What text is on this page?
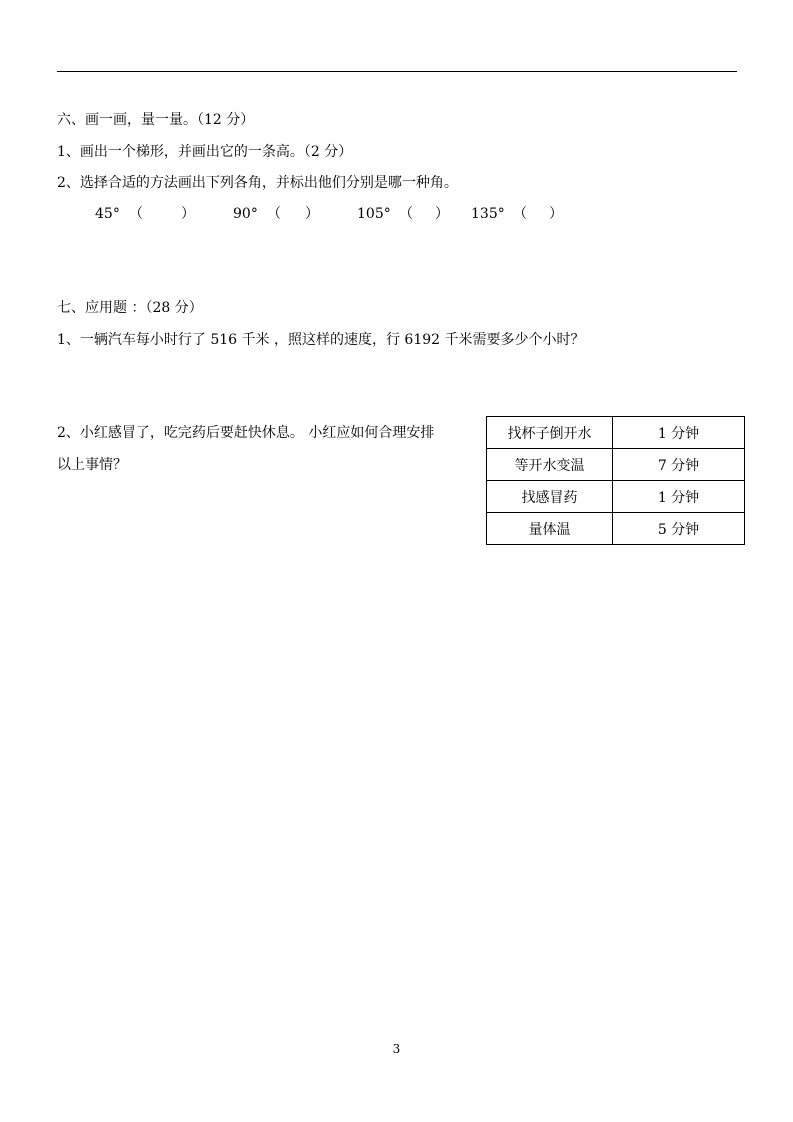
六、画一画，量一量。（12 分）
1、画出一个梯形，并画出它的一条高。（2 分）
2、选择合适的方法画出下列各角，并标出他们分别是哪一种角。
45° （	）	90° （ ）	105° （ ） 135° （ ）
七、应用题 ：（28 分）
1、一辆汽车每小时行了 516 千米 ，照这样的速度，行 6192 千米需要多少个小时？
2、小红感冒了，吃完药后要赶快休息。 小红应如何合理安排
以上事情？
找杯子倒开水	1 分钟
等开水变温	7 分钟
找感冒药	1 分钟
量体温	5 分钟
3
